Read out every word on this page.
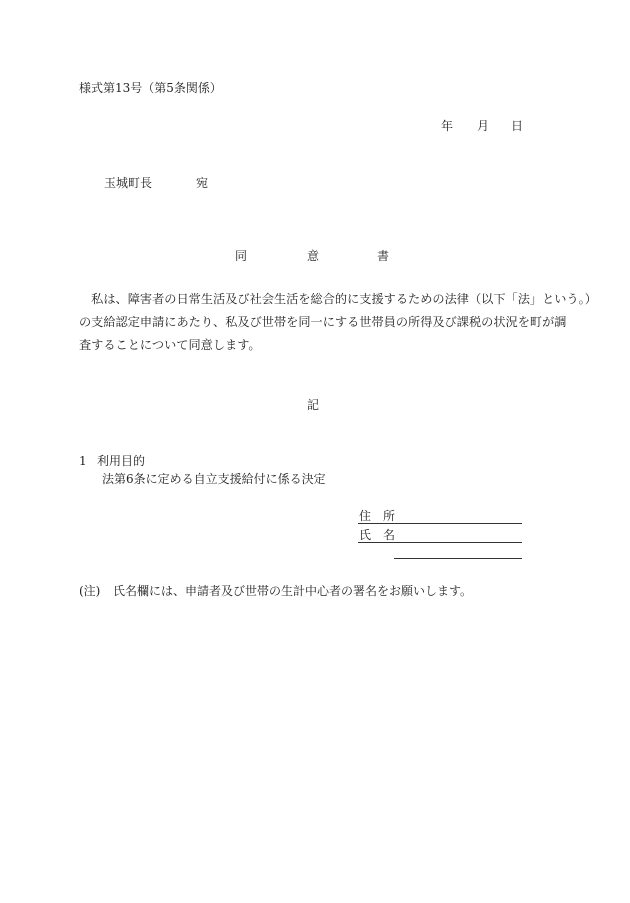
様式第13号（第5条関係）
年 月 日
玉城町長	宛
同	意	書
　私は、障害者の日常生活及び社会生活を総合的に支援するための法律（以下「法」という。）
の支給認定申請にあたり、私及び世帯を同一にする世帯員の所得及び課税の状況を町が調
査することについて同意します。
記
1 利用目的
法第6条に定める自立支援給付に係る決定
住　所
氏　名
(注) 氏名欄には、申請者及び世帯の生計中心者の署名をお願いします。
